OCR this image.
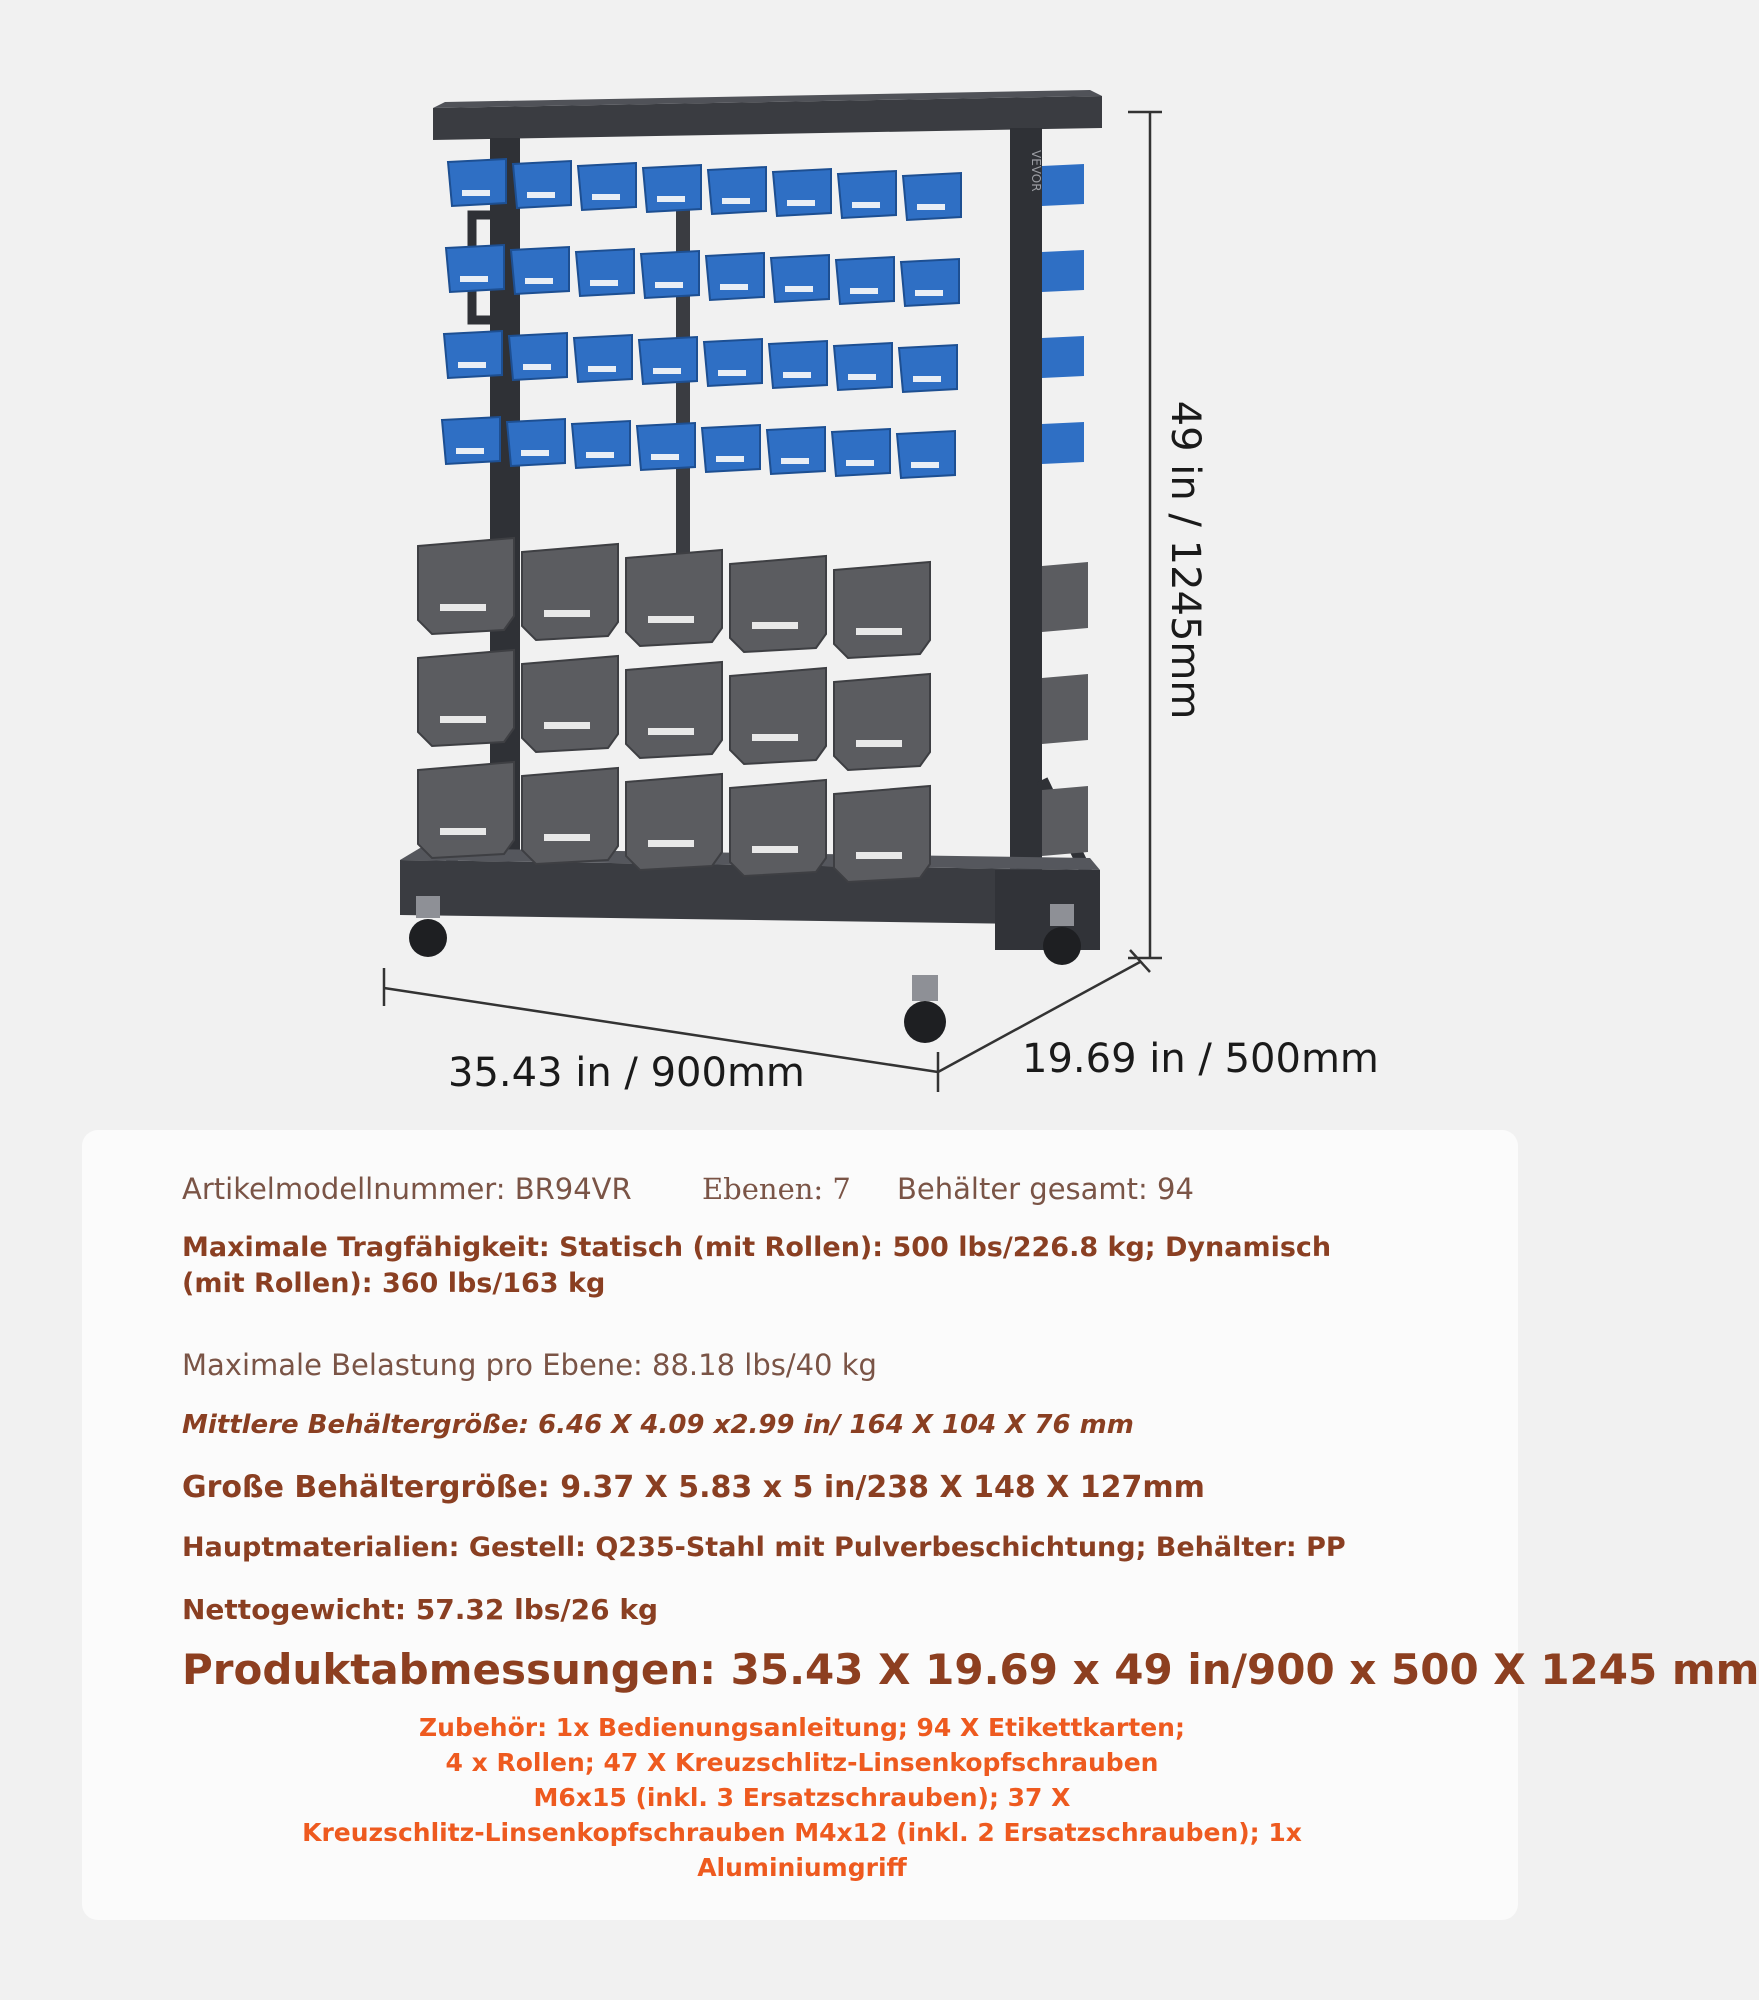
VEVOR
35.43 in / 900mm	19.69 in / 500mm
49 in / 1245mm
Artikelmodellnummer: BR94VR Ebenen: 7 Behälter gesamt: 94
Maximale Tragfähigkeit: Statisch (mit Rollen): 500 lbs/226.8 kg; Dynamisch (mit Rollen): 360 lbs/163 kg
Maximale Belastung pro Ebene: 88.18 lbs/40 kg
Mittlere Behältergröße: 6.46 X 4.09 x2.99 in/ 164 X 104 X 76 mm
Große Behältergröße: 9.37 X 5.83 x 5 in/238 X 148 X 127mm
Hauptmaterialien: Gestell: Q235-Stahl mit Pulverbeschichtung; Behälter: PP
Nettogewicht: 57.32 lbs/26 kg
Produktabmessungen: 35.43 X 19.69 x 49 in/900 x 500 X 1245 mm
Zubehör: 1x Bedienungsanleitung; 94 X Etikettkarten;
4 x Rollen; 47 X Kreuzschlitz-Linsenkopfschrauben
M6x15 (inkl. 3 Ersatzschrauben); 37 X
Kreuzschlitz-Linsenkopfschrauben M4x12 (inkl. 2 Ersatzschrauben); 1x Aluminiumgriff
